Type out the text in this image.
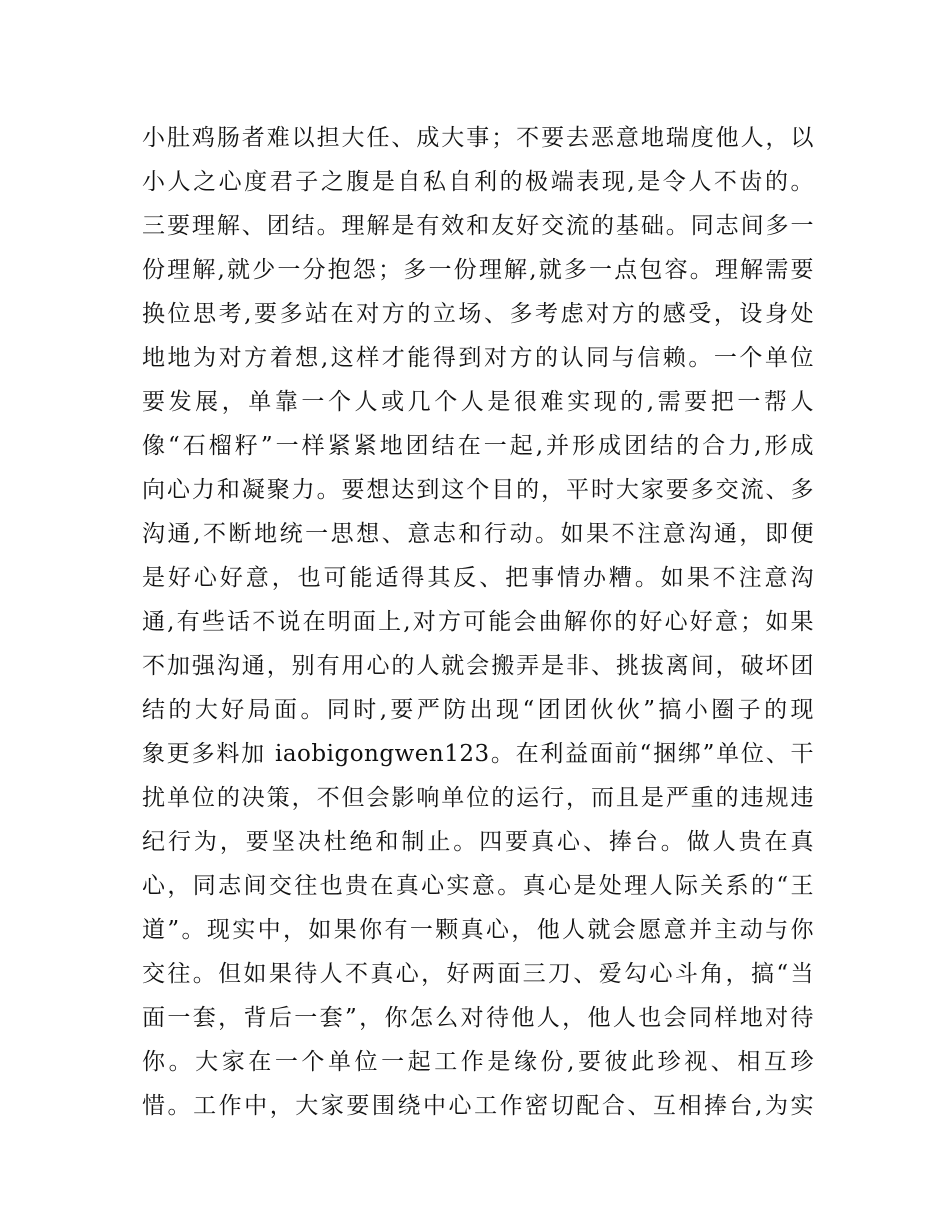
小肚鸡肠者难以担大任、成大事；不要去恶意地瑞度他人，以
小人之心度君子之腹是自私自利的极端表现,是令人不齿的。
三要理解、团结。理解是有效和友好交流的基础。同志间多一
份理解,就少一分抱怨；多一份理解,就多一点包容。理解需要
换位思考,要多站在对方的立场、多考虑对方的感受，设身处
地地为对方着想,这样才能得到对方的认同与信赖。一个单位
要发展，单靠一个人或几个人是很难实现的,需要把一帮人
像“石榴籽”一样紧紧地团结在一起,并形成团结的合力,形成
向心力和凝聚力。要想达到这个目的，平时大家要多交流、多
沟通,不断地统一思想、意志和行动。如果不注意沟通，即便
是好心好意，也可能适得其反、把事情办糟。如果不注意沟
通,有些话不说在明面上,对方可能会曲解你的好心好意；如果
不加强沟通，别有用心的人就会搬弄是非、挑拔离间，破坏团
结的大好局面。同时,要严防出现“团团伙伙”搞小圈子的现
象更多料加 iaobigongwen123。在利益面前“捆绑”单位、干
扰单位的决策，不但会影响单位的运行，而且是严重的违规违
纪行为，要坚决杜绝和制止。四要真心、捧台。做人贵在真
心，同志间交往也贵在真心实意。真心是处理人际关系的“王
道”。现实中，如果你有一颗真心，他人就会愿意并主动与你
交往。但如果待人不真心，好两面三刀、爱勾心斗角，搞“当
面一套，背后一套”，你怎么对待他人，他人也会同样地对待
你。大家在一个单位一起工作是缘份,要彼此珍视、相互珍
惜。工作中，大家要围绕中心工作密切配合、互相捧台,为实
